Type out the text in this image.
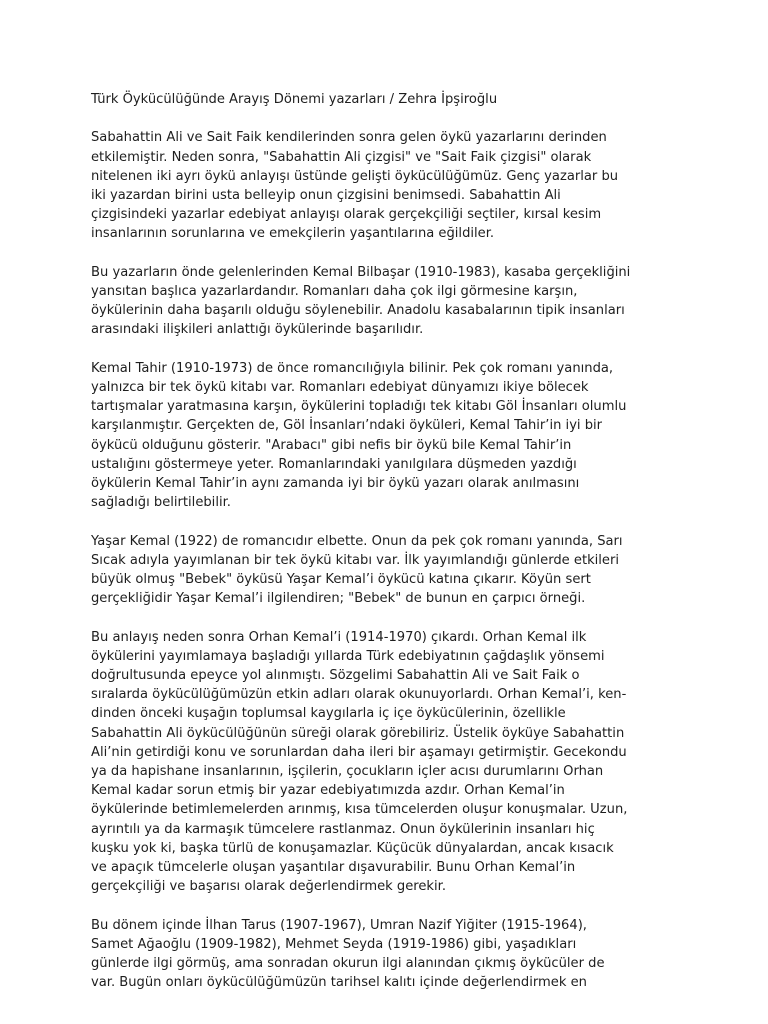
Türk Öykücülüğünde Arayış Dönemi yazarları / Zehra İpşiroğlu

Sabahattin Ali ve Sait Faik kendilerinden sonra gelen öykü yazarlarını derinden
etkilemiştir. Neden sonra, "Sabahattin Ali çizgisi" ve "Sait Faik çizgisi" olarak
nitelenen iki ayrı öykü anlayışı üstünde gelişti öykücülüğümüz. Genç yazarlar bu
iki yazardan birini usta belleyip onun çizgisini benimsedi. Sabahattin Ali
çizgisindeki yazarlar edebiyat anlayışı olarak gerçekçiliği seçtiler, kırsal kesim
insanlarının sorunlarına ve emekçilerin yaşantılarına eğildiler.

Bu yazarların önde gelenlerinden Kemal Bilbaşar (1910-1983), kasaba gerçekliğini
yansıtan başlıca yazarlardandır. Romanları daha çok ilgi görmesine karşın,
öykülerinin daha başarılı olduğu söylenebilir. Anadolu kasabalarının tipik insanları
arasındaki ilişkileri anlattığı öykülerinde başarılıdır.

Kemal Tahir (1910-1973) de önce romancılığıyla bilinir. Pek çok romanı yanında,
yalnızca bir tek öykü kitabı var. Romanları edebiyat dünyamızı ikiye bölecek
tartışmalar yaratmasına karşın, öykülerini topladığı tek kitabı Göl İnsanları olumlu
karşılanmıştır. Gerçekten de, Göl İnsanları’ndaki öyküleri, Kemal Tahir’in iyi bir
öykücü olduğunu gösterir. "Arabacı" gibi nefis bir öykü bile Kemal Tahir’in
ustalığını göstermeye yeter. Romanlarındaki yanılgılara düşmeden yazdığı
öykülerin Kemal Tahir’in aynı zamanda iyi bir öykü yazarı olarak anılmasını
sağladığı belirtilebilir.

Yaşar Kemal (1922) de romancıdır elbette. Onun da pek çok romanı yanında, Sarı
Sıcak adıyla yayımlanan bir tek öykü kitabı var. İlk yayımlandığı günlerde etkileri
büyük olmuş "Bebek" öyküsü Yaşar Kemal’i öykücü katına çıkarır. Köyün sert
gerçekliğidir Yaşar Kemal’i ilgilendiren; "Bebek" de bunun en çarpıcı örneği.

Bu anlayış neden sonra Orhan Kemal’i (1914-1970) çıkardı. Orhan Kemal ilk
öykülerini yayımlamaya başladığı yıllarda Türk edebiyatının çağdaşlık yönsemi
doğrultusunda epeyce yol alınmıştı. Sözgelimi Sabahattin Ali ve Sait Faik o
sıralarda öykücülüğümüzün etkin adları olarak okunuyorlardı. Orhan Kemal’i, ken-
dinden önceki kuşağın toplumsal kaygılarla iç içe öykücülerinin, özellikle
Sabahattin Ali öykücülüğünün süreği olarak görebiliriz. Üstelik öyküye Sabahattin
Ali’nin getirdiği konu ve sorunlardan daha ileri bir aşamayı getirmiştir. Gecekondu
ya da hapishane insanlarının, işçilerin, çocukların içler acısı durumlarını Orhan
Kemal kadar sorun etmiş bir yazar edebiyatımızda azdır. Orhan Kemal’in
öykülerinde betimlemelerden arınmış, kısa tümcelerden oluşur konuşmalar. Uzun,
ayrıntılı ya da karmaşık tümcelere rastlanmaz. Onun öykülerinin insanları hiç
kuşku yok ki, başka türlü de konuşamazlar. Küçücük dünyalardan, ancak kısacık
ve apaçık tümcelerle oluşan yaşantılar dışavurabilir. Bunu Orhan Kemal’in
gerçekçiliği ve başarısı olarak değerlendirmek gerekir.

Bu dönem içinde İlhan Tarus (1907-1967), Umran Nazif Yiğiter (1915-1964),
Samet Ağaoğlu (1909-1982), Mehmet Seyda (1919-1986) gibi, yaşadıkları
günlerde ilgi görmüş, ama sonradan okurun ilgi alanından çıkmış öykücüler de
var. Bugün onları öykücülüğümüzün tarihsel kalıtı içinde değerlendirmek en
